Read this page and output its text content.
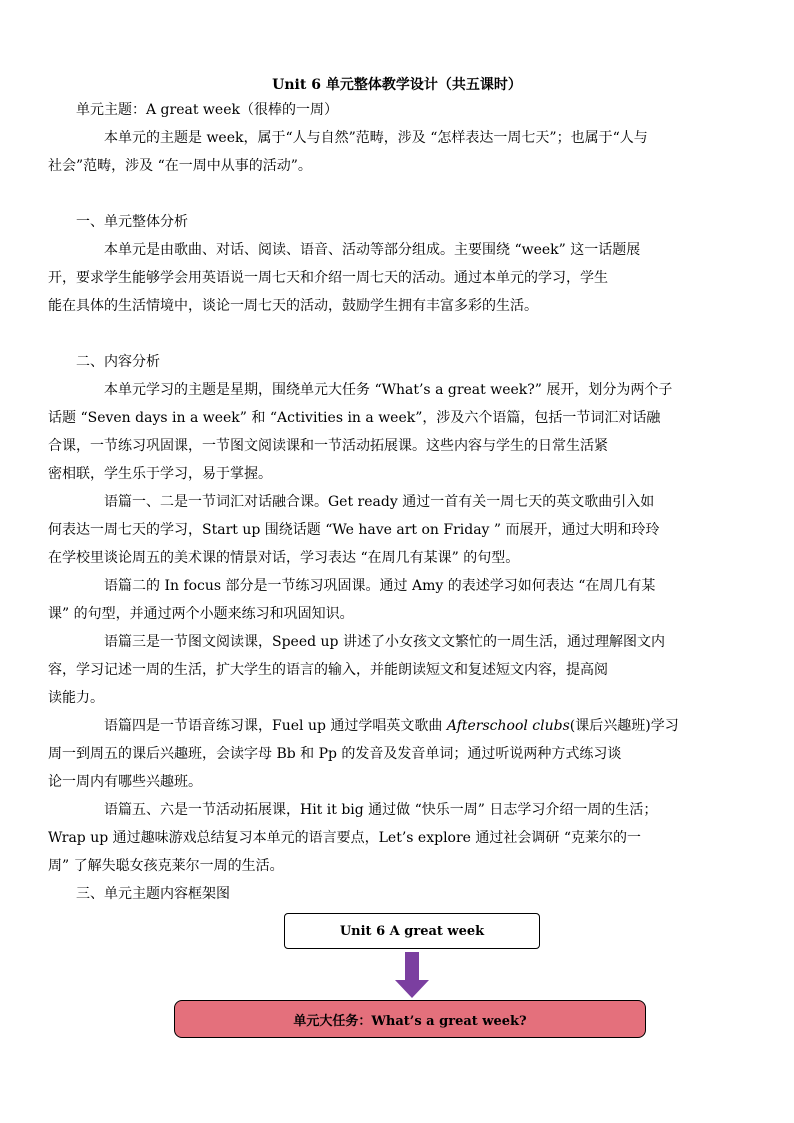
Unit 6 单元整体教学设计（共五课时）

单元主题：A great week（很棒的一周）

本单元的主题是 week，属于“人与自然”范畴，涉及 “怎样表达一周七天”；也属于“人与
社会”范畴，涉及 “在一周中从事的活动”。

一、单元整体分析

本单元是由歌曲、对话、阅读、语音、活动等部分组成。主要围绕 “week” 这一话题展
开，要求学生能够学会用英语说一周七天和介绍一周七天的活动。通过本单元的学习，学生
能在具体的生活情境中，谈论一周七天的活动，鼓励学生拥有丰富多彩的生活。

二、内容分析

本单元学习的主题是星期，围绕单元大任务 “What’s a great week?” 展开，划分为两个子
话题 “Seven days in a week” 和 “Activities in a week”，涉及六个语篇，包括一节词汇对话融
合课，一节练习巩固课，一节图文阅读课和一节活动拓展课。这些内容与学生的日常生活紧
密相联，学生乐于学习，易于掌握。

语篇一、二是一节词汇对话融合课。Get ready 通过一首有关一周七天的英文歌曲引入如
何表达一周七天的学习，Start up 围绕话题 “We have art on Friday ” 而展开，通过大明和玲玲
在学校里谈论周五的美术课的情景对话，学习表达 “在周几有某课” 的句型。

语篇二的 In focus 部分是一节练习巩固课。通过 Amy 的表述学习如何表达 “在周几有某
课” 的句型，并通过两个小题来练习和巩固知识。

语篇三是一节图文阅读课，Speed up 讲述了小女孩文文繁忙的一周生活，通过理解图文内
容，学习记述一周的生活，扩大学生的语言的输入，并能朗读短文和复述短文内容，提高阅
读能力。

语篇四是一节语音练习课，Fuel up 通过学唱英文歌曲 Afterschool clubs(课后兴趣班)学习
周一到周五的课后兴趣班，会读字母 Bb 和 Pp 的发音及发音单词；通过听说两种方式练习谈
论一周内有哪些兴趣班。

语篇五、六是一节活动拓展课，Hit it big 通过做 “快乐一周” 日志学习介绍一周的生活；
Wrap up 通过趣味游戏总结复习本单元的语言要点，Let’s explore 通过社会调研 “克莱尔的一
周” 了解失聪女孩克莱尔一周的生活。

三、单元主题内容框架图

Unit 6 A great week
单元大任务：What’s a great week?
